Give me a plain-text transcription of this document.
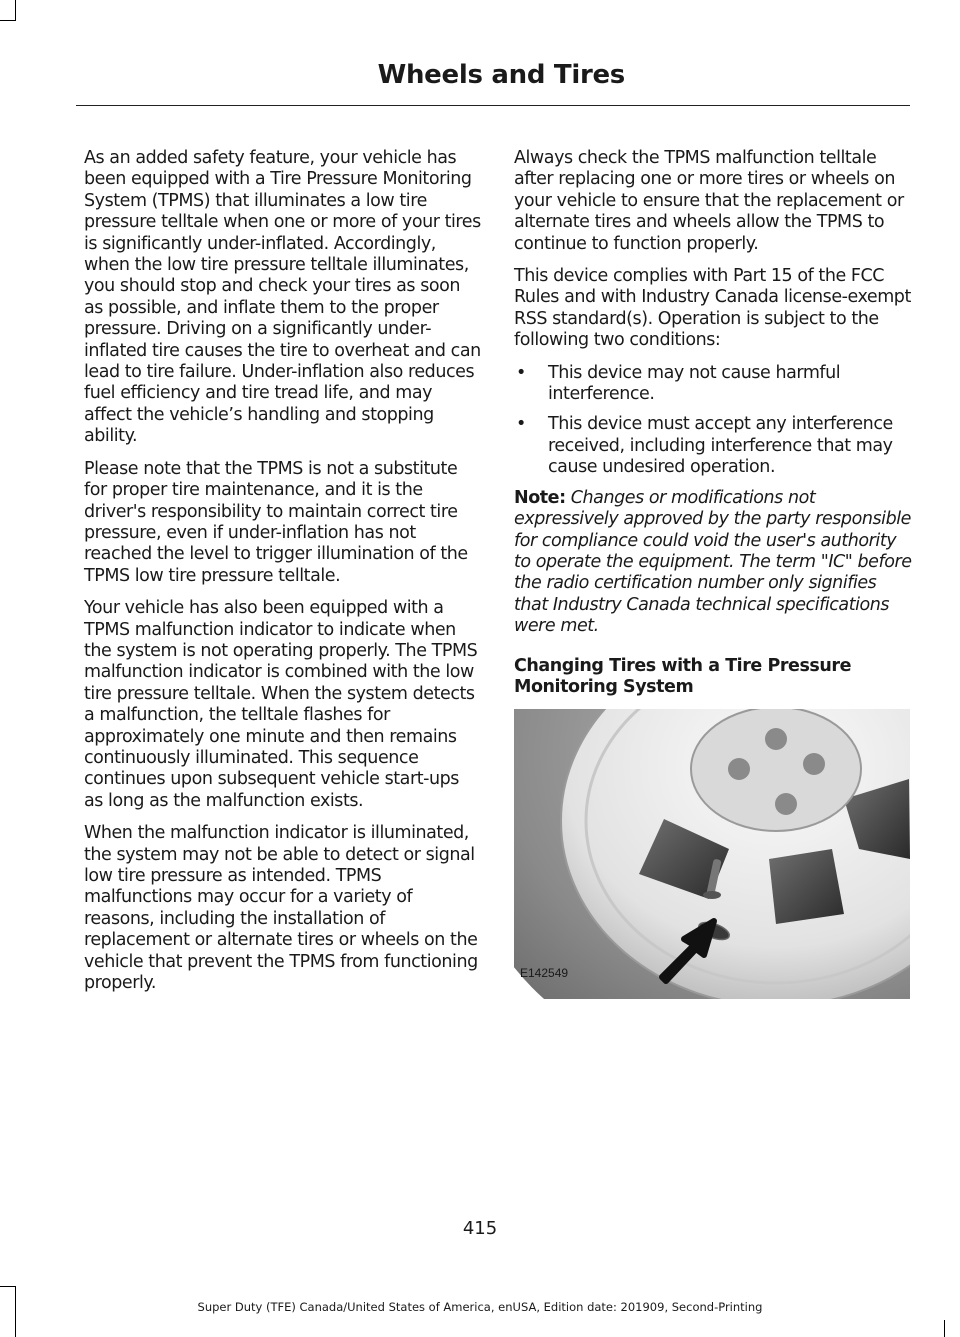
Wheels and Tires

As an added safety feature, your vehicle has been equipped with a Tire Pressure Monitoring System (TPMS) that illuminates a low tire pressure telltale when one or more of your tires is significantly under-inflated. Accordingly, when the low tire pressure telltale illuminates, you should stop and check your tires as soon as possible, and inflate them to the proper pressure. Driving on a significantly under-inflated tire causes the tire to overheat and can lead to tire failure. Under-inflation also reduces fuel efficiency and tire tread life, and may affect the vehicle’s handling and stopping ability.

Please note that the TPMS is not a substitute for proper tire maintenance, and it is the driver's responsibility to maintain correct tire pressure, even if under-inflation has not reached the level to trigger illumination of the TPMS low tire pressure telltale.

Your vehicle has also been equipped with a TPMS malfunction indicator to indicate when the system is not operating properly. The TPMS malfunction indicator is combined with the low tire pressure telltale. When the system detects a malfunction, the telltale flashes for approximately one minute and then remains continuously illuminated. This sequence continues upon subsequent vehicle start-ups as long as the malfunction exists.

When the malfunction indicator is illuminated, the system may not be able to detect or signal low tire pressure as intended. TPMS malfunctions may occur for a variety of reasons, including the installation of replacement or alternate tires or wheels on the vehicle that prevent the TPMS from functioning properly.

Always check the TPMS malfunction telltale after replacing one or more tires or wheels on your vehicle to ensure that the replacement or alternate tires and wheels allow the TPMS to continue to function properly.

This device complies with Part 15 of the FCC Rules and with Industry Canada license-exempt RSS standard(s). Operation is subject to the following two conditions:

• This device may not cause harmful interference.
• This device must accept any interference received, including interference that may cause undesired operation.

Note: Changes or modifications not expressively approved by the party responsible for compliance could void the user's authority to operate the equipment. The term "IC" before the radio certification number only signifies that Industry Canada technical specifications were met.

Changing Tires with a Tire Pressure Monitoring System
E142549
415
Super Duty (TFE) Canada/United States of America, enUSA, Edition date: 201909, Second-Printing
